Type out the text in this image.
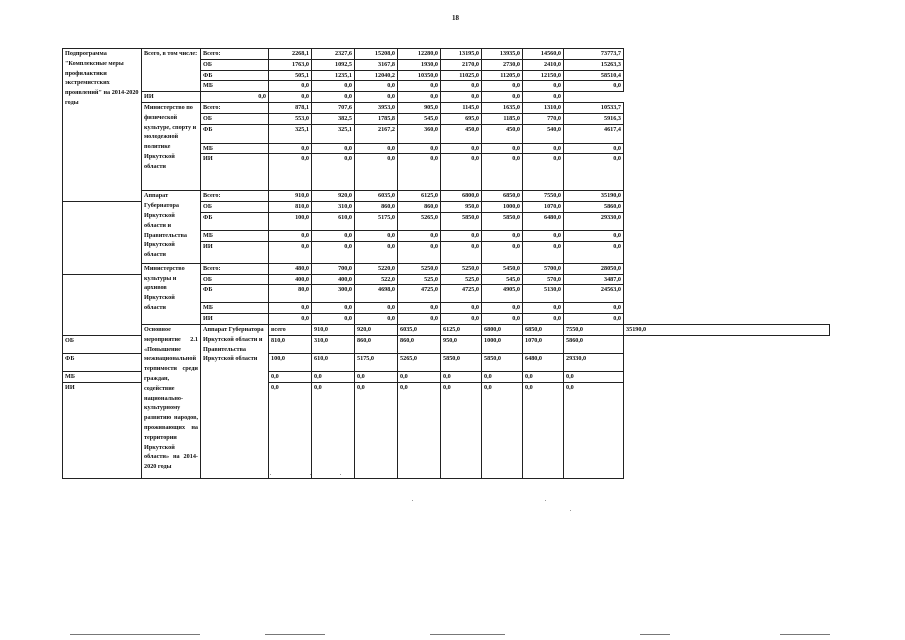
18
Подпрограмма "Комплексные меры профилактики экстремистских проявлений" на 2014-2020 годы	Всего, в том числе:	Всего:	2268,1	2327,6	15208,0	12280,0	13195,0	13935,0	14560,0	73773,7	
		ОБ	1763,0	1092,5	3167,8	1930,0	2170,0	2730,0	2410,0	15263,3	
		ФБ	505,1	1235,1	12040,2	10350,0	11025,0	11205,0	12150,0	58510,4	
		МБ	0,0	0,0	0,0	0,0	0,0	0,0	0,0	0,0	
	ИИ	0,0	0,0	0,0	0,0	0,0	0,0	0,0	0,0		
	Министерство по физической культуре, спорту и молодежной политике Иркутской области	Всего:	878,1	707,6	3953,0	905,0	1145,0	1635,0	1310,0	10533,7	
		ОБ	553,0	382,5	1785,8	545,0	695,0	1185,0	770,0	5916,3	
		ФБ	325,1	325,1	2167,2	360,0	450,0	450,0	540,0	4617,4	
		МБ	0,0	0,0	0,0	0,0	0,0	0,0	0,0	0,0	
		ИИ	0,0	0,0	0,0	0,0	0,0	0,0	0,0	0,0	
	Аппарат Губернатора Иркутской области и Правительства Иркутской области	Всего:	910,0	920,0	6035,0	6125,0	6800,0	6850,0	7550,0	35190,0	
		ОБ	810,0	310,0	860,0	860,0	950,0	1000,0	1070,0	5860,0	
		ФБ	100,0	610,0	5175,0	5265,0	5850,0	5850,0	6480,0	29330,0	
		МБ	0,0	0,0	0,0	0,0	0,0	0,0	0,0	0,0	
		ИИ	0,0	0,0	0,0	0,0	0,0	0,0	0,0	0,0	
	Министерство культуры и архивов Иркутской области	Всего:	480,0	700,0	5220,0	5250,0	5250,0	5450,0	5700,0	28050,0	
		ОБ	400,0	400,0	522,0	525,0	525,0	545,0	570,0	3487,0	
		ФБ	80,0	300,0	4698,0	4725,0	4725,0	4905,0	5130,0	24563,0	
		МБ	0,0	0,0	0,0	0,0	0,0	0,0	0,0	0,0	
		ИИ	0,0	0,0	0,0	0,0	0,0	0,0	0,0	0,0	
	Основное мероприятие 2.1 «Повышение межнациональной терпимости среди граждан, содействие национально-культурному развитию народов, проживающих на территории Иркутской области» на 2014-2020 годы	Аппарат Губернатора Иркутской области и Правительства Иркутской области	всего	910,0	920,0	6035,0	6125,0	6800,0	6850,0	7550,0	35190,0
ОБ			810,0	310,0	860,0	860,0	950,0	1000,0	1070,0	5860,0	
ФБ			100,0	610,0	5175,0	5265,0	5850,0	5850,0	6480,0	29330,0	
МБ			0,0	0,0	0,0	0,0	0,0	0,0	0,0	0,0	
ИИ			0,0	0,0	0,0	0,0	0,0	0,0	0,0	0,0	
